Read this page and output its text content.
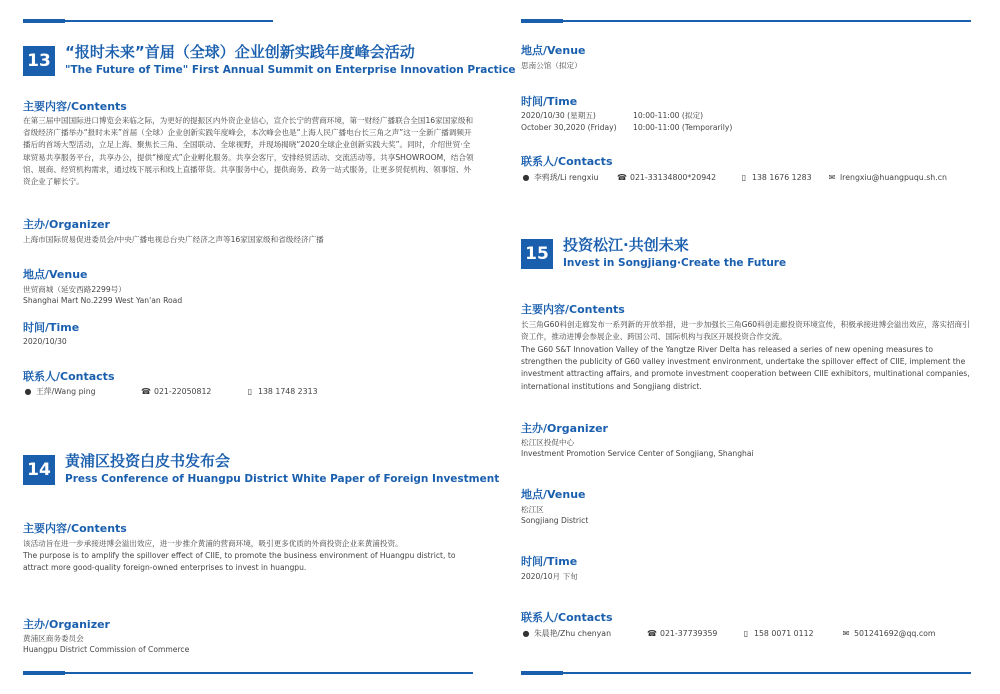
13 “报时未来”首届（全球）企业创新实践年度峰会活动
"The Future of Time" First Annual Summit on Enterprise Innovation Practice
主要内容/Contents
在第三届中国国际进口博览会来临之际，为更好的提振区内外资企业信心，宣介长宁的营商环境，第一财经广播联合全国16家国家级和省级经济广播举办“报时未来”首届（全球）企业创新实践年度峰会，本次峰会也是“上海人民广播电台长三角之声”这一全新广播调频开播后的首场大型活动，立足上海、聚焦长三角、全国联动、全球视野，并现场揭晓“2020全球企业创新实践大奖”。同时，介绍世贸·全球贸易共享服务平台，共享办公，提供“梯度式”企业孵化服务。共享会客厅，安排经贸活动、交流活动等。共享SHOWROOM，结合领馆、展商、经贸机构需求，通过线下展示和线上直播带货。共享服务中心，提供商务、政务一站式服务，让更多贸促机构、领事馆、外资企业了解长宁。
主办/Organizer
上海市国际贸易促进委员会/中央广播电视总台央广经济之声等16家国家级和省级经济广播
地点/Venue
世贸商城（延安西路2299号）
Shanghai Mart No.2299 West Yan'an Road
时间/Time
2020/10/30
联系人/Contacts
● 王萍/Wang ping	☎ 021-22050812	▯ 138 1748 2313
14 黄浦区投资白皮书发布会
Press Conference of Huangpu District White Paper of Foreign Investment
主要内容/Contents
该活动旨在进一步承接进博会溢出效应，进一步推介黄浦的营商环境，吸引更多优质的外商投资企业来黄浦投资。
The purpose is to amplify the spillover effect of CIIE, to promote the business environment of Huangpu district, to attract more good-quality foreign-owned enterprises to invest in huangpu.
主办/Organizer
黄浦区商务委员会
Huangpu District Commission of Commerce
地点/Venue
思南公馆（拟定）
时间/Time
2020/10/30 (星期五)	10:00-11:00 (拟定)
October 30,2020 (Friday)	10:00-11:00 (Temporarily)
联系人/Contacts
● 李鸦琇/Li rengxiu ☎ 021-33134800*20942	▯ 138 1676 1283 ✉ lrengxiu@huangpuqu.sh.cn
15 投资松江·共创未来
Invest in Songjiang·Create the Future
主要内容/Contents
长三角G60科创走廊发布一系列新的开放举措，进一步加强长三角G60科创走廊投资环境宣传，积极承接进博会溢出效应，落实招商引资工作，推动进博会参展企业、跨国公司、国际机构与我区开展投资合作交流。
The G60 S&T Innovation Valley of the Yangtze River Delta has released a series of new opening measures to strengthen the publicity of G60 valley investment environment, undertake the spillover effect of CIIE, implement the investment attracting affairs, and promote investment cooperation between CIIE exhibitors, multinational companies, international institutions and Songjiang district.
主办/Organizer
松江区投促中心
Investment Promotion Service Center of Songjiang, Shanghai
地点/Venue
松江区
Songjiang District
时间/Time
2020/10月 下旬
联系人/Contacts
● 朱晨艳/Zhu chenyan	☎ 021-37739359	▯ 158 0071 0112	✉ 501241692@qq.com
